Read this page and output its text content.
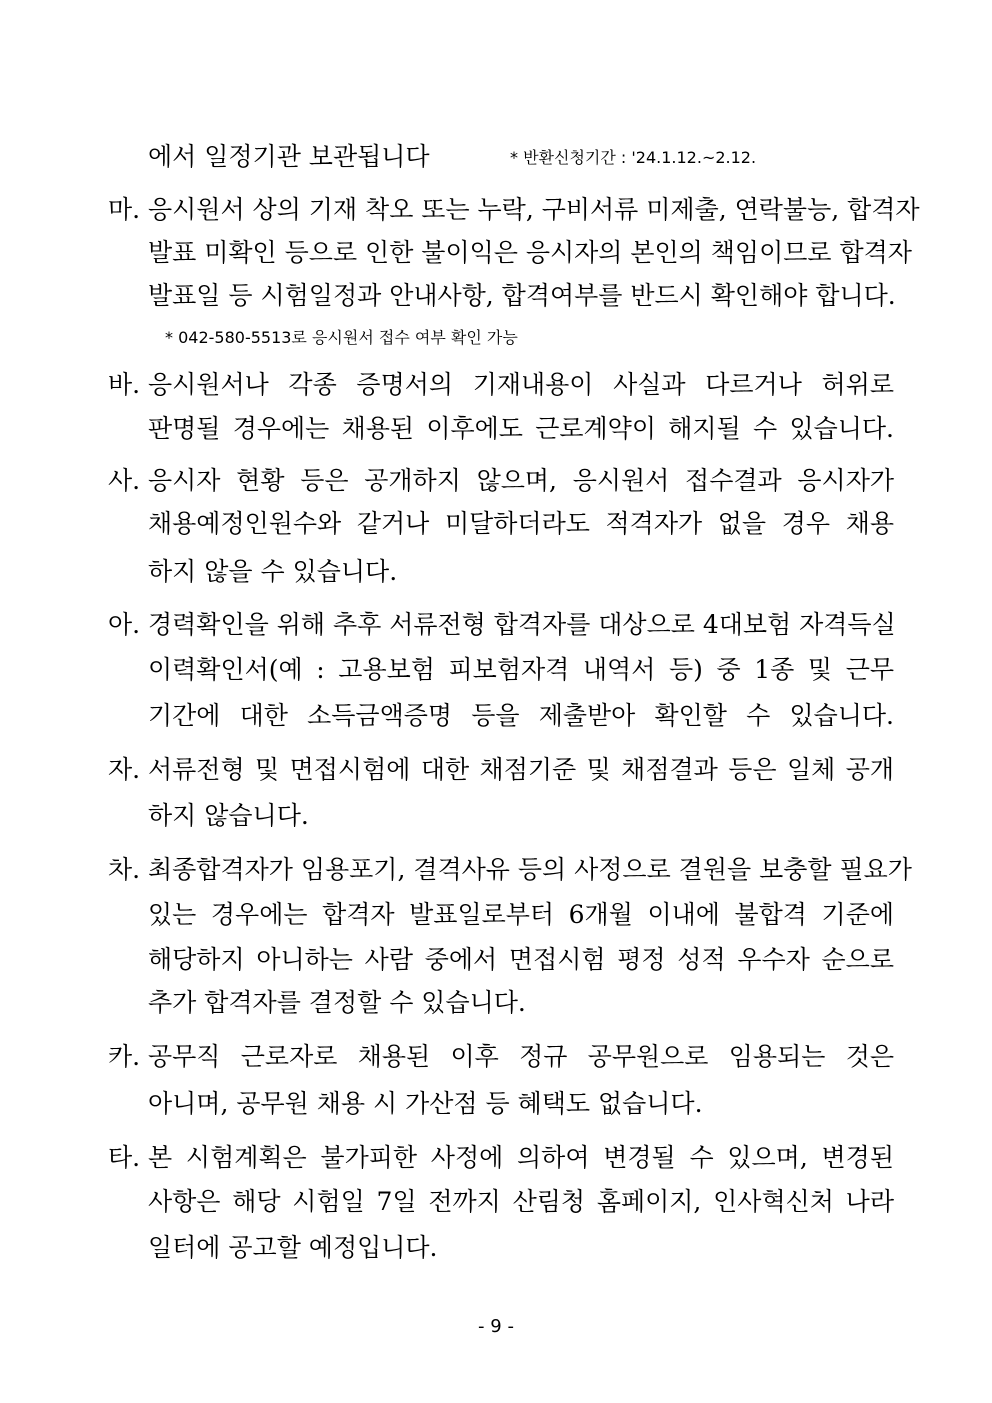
에서 일정기관 보관됩니다	* 반환신청기간 : '24.1.12.~2.12.
마. 응시원서 상의 기재 착오 또는 누락, 구비서류 미제출, 연락불능, 합격자
발표 미확인 등으로 인한 불이익은 응시자의 본인의 책임이므로 합격자
발표일 등 시험일정과 안내사항, 합격여부를 반드시 확인해야 합니다.
* 042-580-5513로 응시원서 접수 여부 확인 가능
바. 응시원서나 각종 증명서의 기재내용이 사실과 다르거나 허위로
판명될 경우에는 채용된 이후에도 근로계약이 해지될 수 있습니다.
사. 응시자 현황 등은 공개하지 않으며, 응시원서 접수결과 응시자가
채용예정인원수와 같거나 미달하더라도 적격자가 없을 경우 채용
하지 않을 수 있습니다.
아. 경력확인을 위해 추후 서류전형 합격자를 대상으로 4대보험 자격득실
이력확인서(예 : 고용보험 피보험자격 내역서 등) 중 1종 및 근무
기간에 대한 소득금액증명 등을 제출받아 확인할 수 있습니다.
자. 서류전형 및 면접시험에 대한 채점기준 및 채점결과 등은 일체 공개
하지 않습니다.
차. 최종합격자가 임용포기, 결격사유 등의 사정으로 결원을 보충할 필요가
있는 경우에는 합격자 발표일로부터 6개월 이내에 불합격 기준에
해당하지 아니하는 사람 중에서 면접시험 평정 성적 우수자 순으로
추가 합격자를 결정할 수 있습니다.
카. 공무직 근로자로 채용된 이후 정규 공무원으로 임용되는 것은
아니며, 공무원 채용 시 가산점 등 혜택도 없습니다.
타. 본 시험계획은 불가피한 사정에 의하여 변경될 수 있으며, 변경된
사항은 해당 시험일 7일 전까지 산림청 홈페이지, 인사혁신처 나라
일터에 공고할 예정입니다.
- 9 -
